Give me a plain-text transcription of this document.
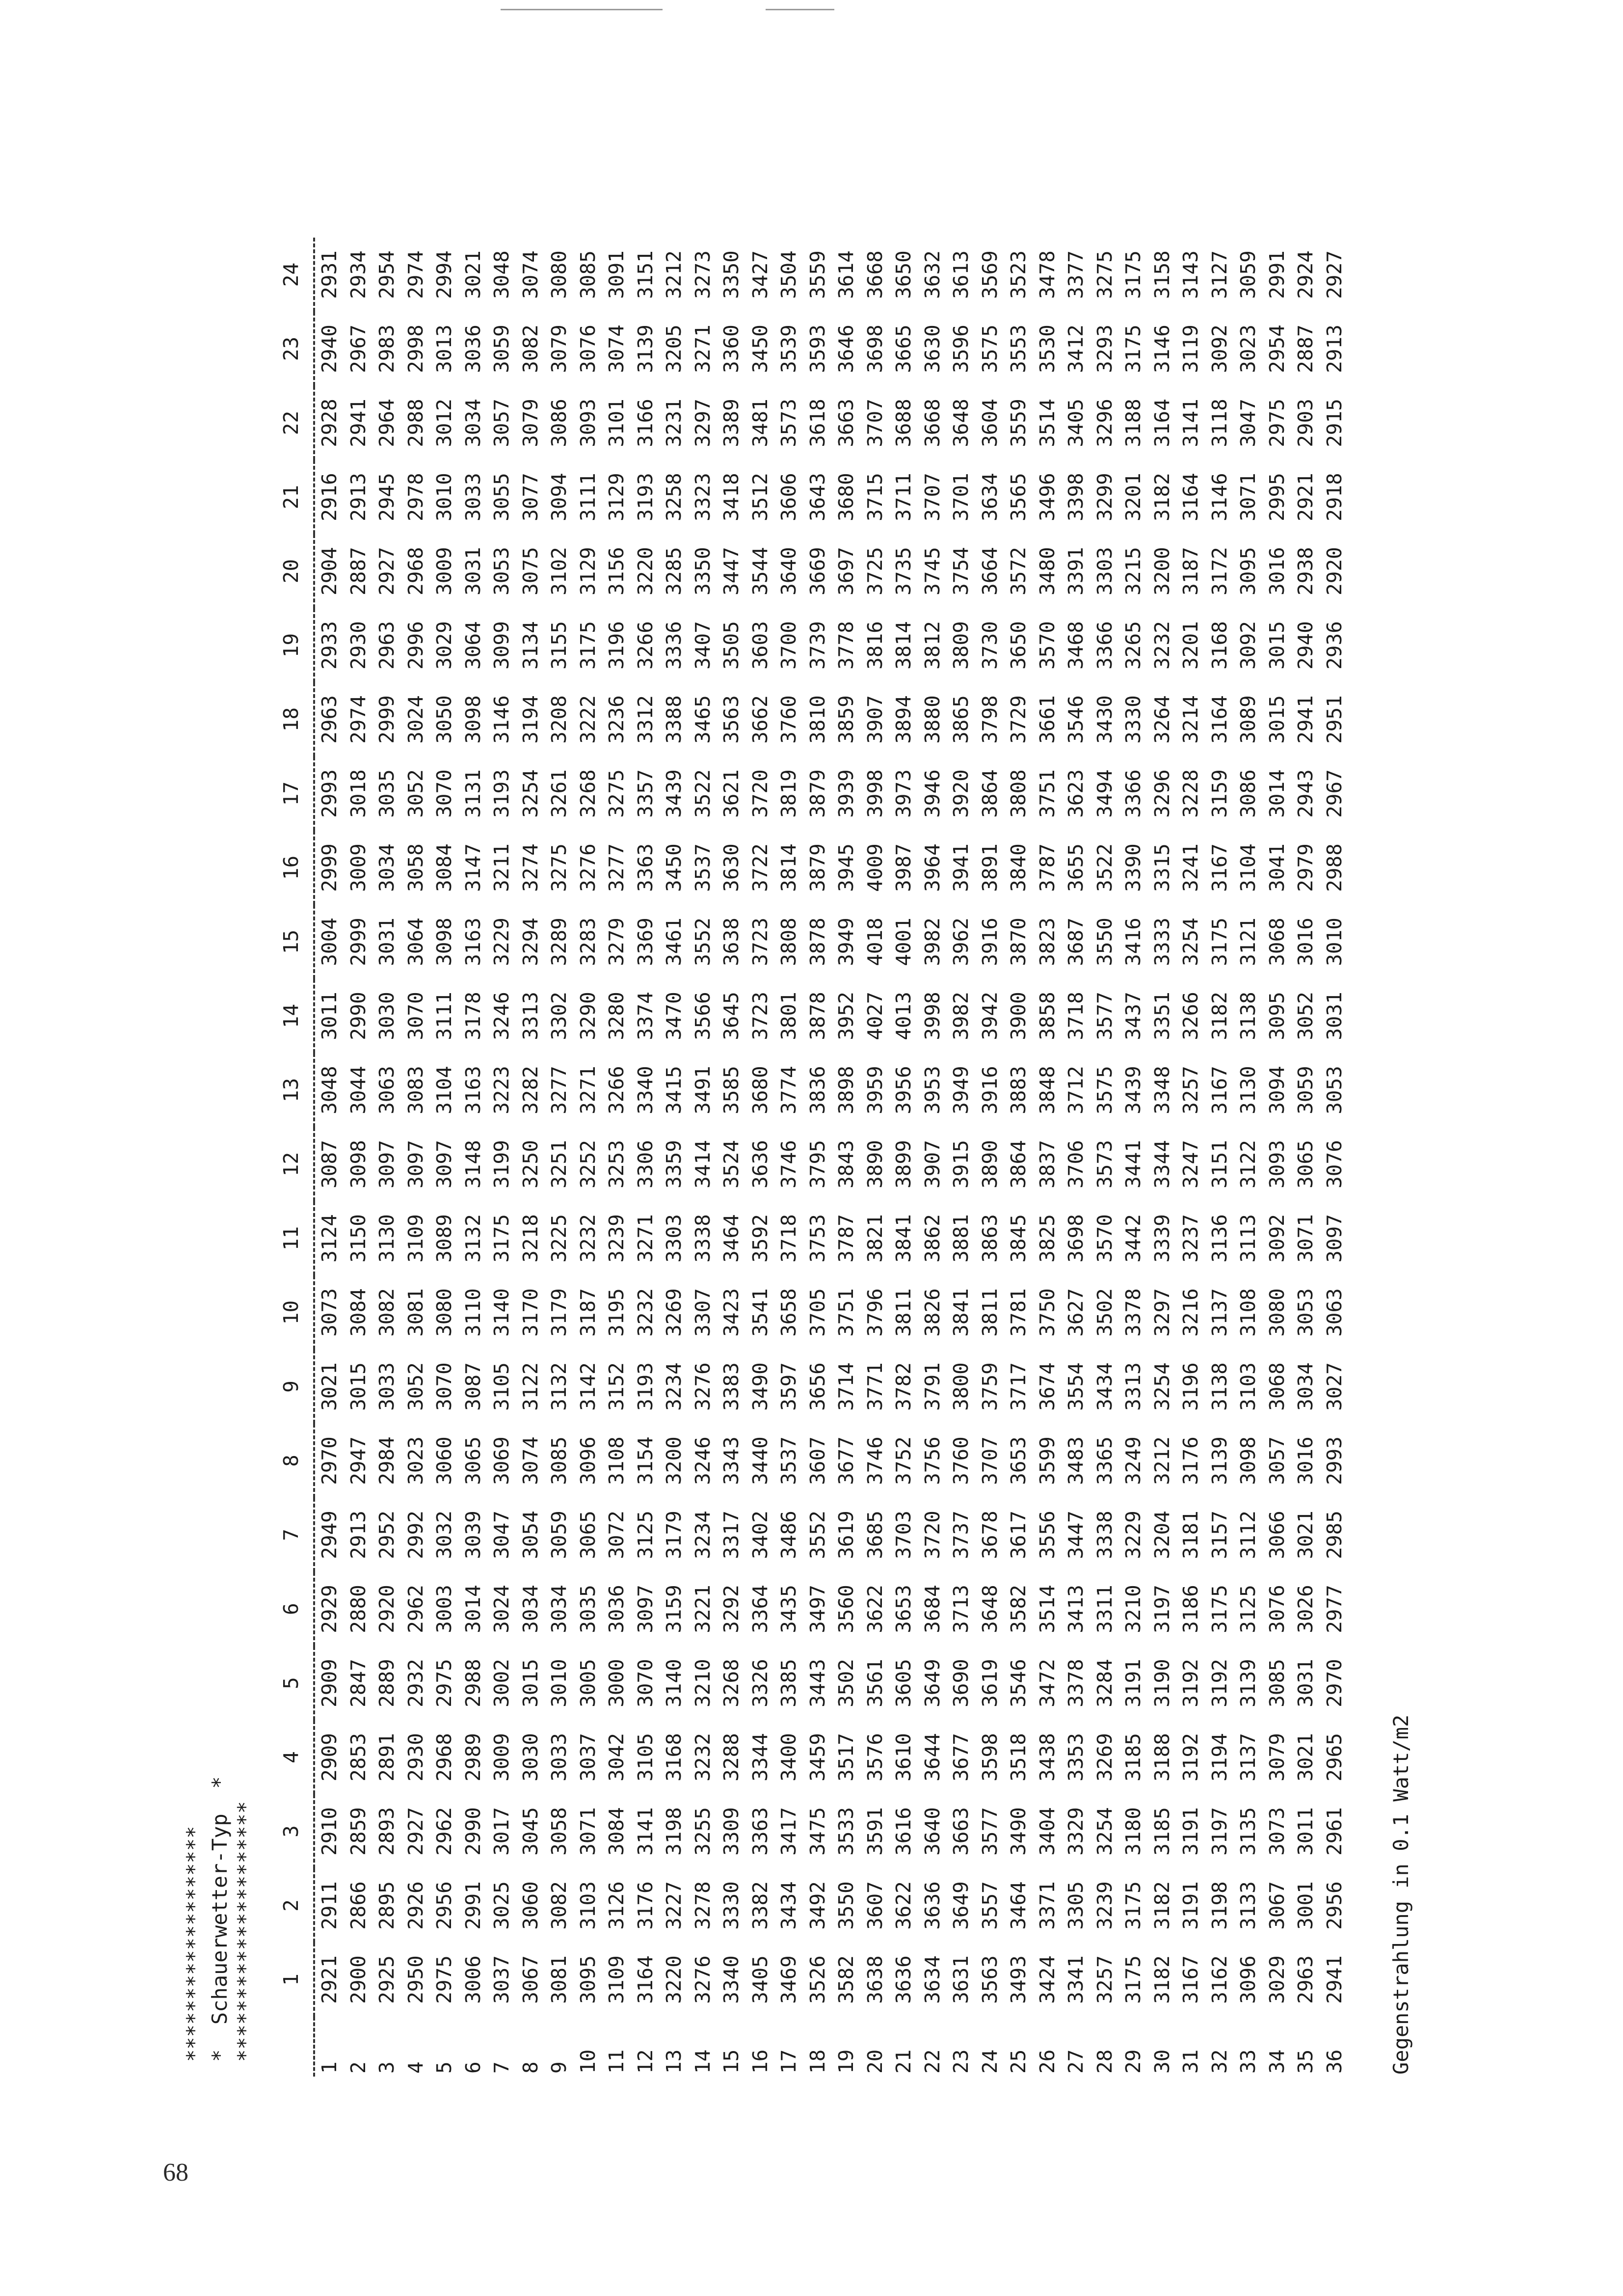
68
*******************
*  Schauerwetter-Typ  *
*********************
	1	2	3	4	5	6	7	8	9	10	11	12	13	14	15	16	17	18	19	20	21	22	23	24
1	2921	2911	2910	2909	2909	2929	2949	2970	3021	3073	3124	3087	3048	3011	3004	2999	2993	2963	2933	2904	2916	2928	2940	2931
2	2900	2866	2859	2853	2847	2880	2913	2947	3015	3084	3150	3098	3044	2990	2999	3009	3018	2974	2930	2887	2913	2941	2967	2934
3	2925	2895	2893	2891	2889	2920	2952	2984	3033	3082	3130	3097	3063	3030	3031	3034	3035	2999	2963	2927	2945	2964	2983	2954
4	2950	2926	2927	2930	2932	2962	2992	3023	3052	3081	3109	3097	3083	3070	3064	3058	3052	3024	2996	2968	2978	2988	2998	2974
5	2975	2956	2962	2968	2975	3003	3032	3060	3070	3080	3089	3097	3104	3111	3098	3084	3070	3050	3029	3009	3010	3012	3013	2994
6	3006	2991	2990	2989	2988	3014	3039	3065	3087	3110	3132	3148	3163	3178	3163	3147	3131	3098	3064	3031	3033	3034	3036	3021
7	3037	3025	3017	3009	3002	3024	3047	3069	3105	3140	3175	3199	3223	3246	3229	3211	3193	3146	3099	3053	3055	3057	3059	3048
8	3067	3060	3045	3030	3015	3034	3054	3074	3122	3170	3218	3250	3282	3313	3294	3274	3254	3194	3134	3075	3077	3079	3082	3074
9	3081	3082	3058	3033	3010	3034	3059	3085	3132	3179	3225	3251	3277	3302	3289	3275	3261	3208	3155	3102	3094	3086	3079	3080
10	3095	3103	3071	3037	3005	3035	3065	3096	3142	3187	3232	3252	3271	3290	3283	3276	3268	3222	3175	3129	3111	3093	3076	3085
11	3109	3126	3084	3042	3000	3036	3072	3108	3152	3195	3239	3253	3266	3280	3279	3277	3275	3236	3196	3156	3129	3101	3074	3091
12	3164	3176	3141	3105	3070	3097	3125	3154	3193	3232	3271	3306	3340	3374	3369	3363	3357	3312	3266	3220	3193	3166	3139	3151
13	3220	3227	3198	3168	3140	3159	3179	3200	3234	3269	3303	3359	3415	3470	3461	3450	3439	3388	3336	3285	3258	3231	3205	3212
14	3276	3278	3255	3232	3210	3221	3234	3246	3276	3307	3338	3414	3491	3566	3552	3537	3522	3465	3407	3350	3323	3297	3271	3273
15	3340	3330	3309	3288	3268	3292	3317	3343	3383	3423	3464	3524	3585	3645	3638	3630	3621	3563	3505	3447	3418	3389	3360	3350
16	3405	3382	3363	3344	3326	3364	3402	3440	3490	3541	3592	3636	3680	3723	3723	3722	3720	3662	3603	3544	3512	3481	3450	3427
17	3469	3434	3417	3400	3385	3435	3486	3537	3597	3658	3718	3746	3774	3801	3808	3814	3819	3760	3700	3640	3606	3573	3539	3504
18	3526	3492	3475	3459	3443	3497	3552	3607	3656	3705	3753	3795	3836	3878	3878	3879	3879	3810	3739	3669	3643	3618	3593	3559
19	3582	3550	3533	3517	3502	3560	3619	3677	3714	3751	3787	3843	3898	3952	3949	3945	3939	3859	3778	3697	3680	3663	3646	3614
20	3638	3607	3591	3576	3561	3622	3685	3746	3771	3796	3821	3890	3959	4027	4018	4009	3998	3907	3816	3725	3715	3707	3698	3668
21	3636	3622	3616	3610	3605	3653	3703	3752	3782	3811	3841	3899	3956	4013	4001	3987	3973	3894	3814	3735	3711	3688	3665	3650
22	3634	3636	3640	3644	3649	3684	3720	3756	3791	3826	3862	3907	3953	3998	3982	3964	3946	3880	3812	3745	3707	3668	3630	3632
23	3631	3649	3663	3677	3690	3713	3737	3760	3800	3841	3881	3915	3949	3982	3962	3941	3920	3865	3809	3754	3701	3648	3596	3613
24	3563	3557	3577	3598	3619	3648	3678	3707	3759	3811	3863	3890	3916	3942	3916	3891	3864	3798	3730	3664	3634	3604	3575	3569
25	3493	3464	3490	3518	3546	3582	3617	3653	3717	3781	3845	3864	3883	3900	3870	3840	3808	3729	3650	3572	3565	3559	3553	3523
26	3424	3371	3404	3438	3472	3514	3556	3599	3674	3750	3825	3837	3848	3858	3823	3787	3751	3661	3570	3480	3496	3514	3530	3478
27	3341	3305	3329	3353	3378	3413	3447	3483	3554	3627	3698	3706	3712	3718	3687	3655	3623	3546	3468	3391	3398	3405	3412	3377
28	3257	3239	3254	3269	3284	3311	3338	3365	3434	3502	3570	3573	3575	3577	3550	3522	3494	3430	3366	3303	3299	3296	3293	3275
29	3175	3175	3180	3185	3191	3210	3229	3249	3313	3378	3442	3441	3439	3437	3416	3390	3366	3330	3265	3215	3201	3188	3175	3175
30	3182	3182	3185	3188	3190	3197	3204	3212	3254	3297	3339	3344	3348	3351	3333	3315	3296	3264	3232	3200	3182	3164	3146	3158
31	3167	3191	3191	3192	3192	3186	3181	3176	3196	3216	3237	3247	3257	3266	3254	3241	3228	3214	3201	3187	3164	3141	3119	3143
32	3162	3198	3197	3194	3192	3175	3157	3139	3138	3137	3136	3151	3167	3182	3175	3167	3159	3164	3168	3172	3146	3118	3092	3127
33	3096	3133	3135	3137	3139	3125	3112	3098	3103	3108	3113	3122	3130	3138	3121	3104	3086	3089	3092	3095	3071	3047	3023	3059
34	3029	3067	3073	3079	3085	3076	3066	3057	3068	3080	3092	3093	3094	3095	3068	3041	3014	3015	3015	3016	2995	2975	2954	2991
35	2963	3001	3011	3021	3031	3026	3021	3016	3034	3053	3071	3065	3059	3052	3016	2979	2943	2941	2940	2938	2921	2903	2887	2924
36	2941	2956	2961	2965	2970	2977	2985	2993	3027	3063	3097	3076	3053	3031	3010	2988	2967	2951	2936	2920	2918	2915	2913	2927
Gegenstrahlung in 0.1 Watt/m2
